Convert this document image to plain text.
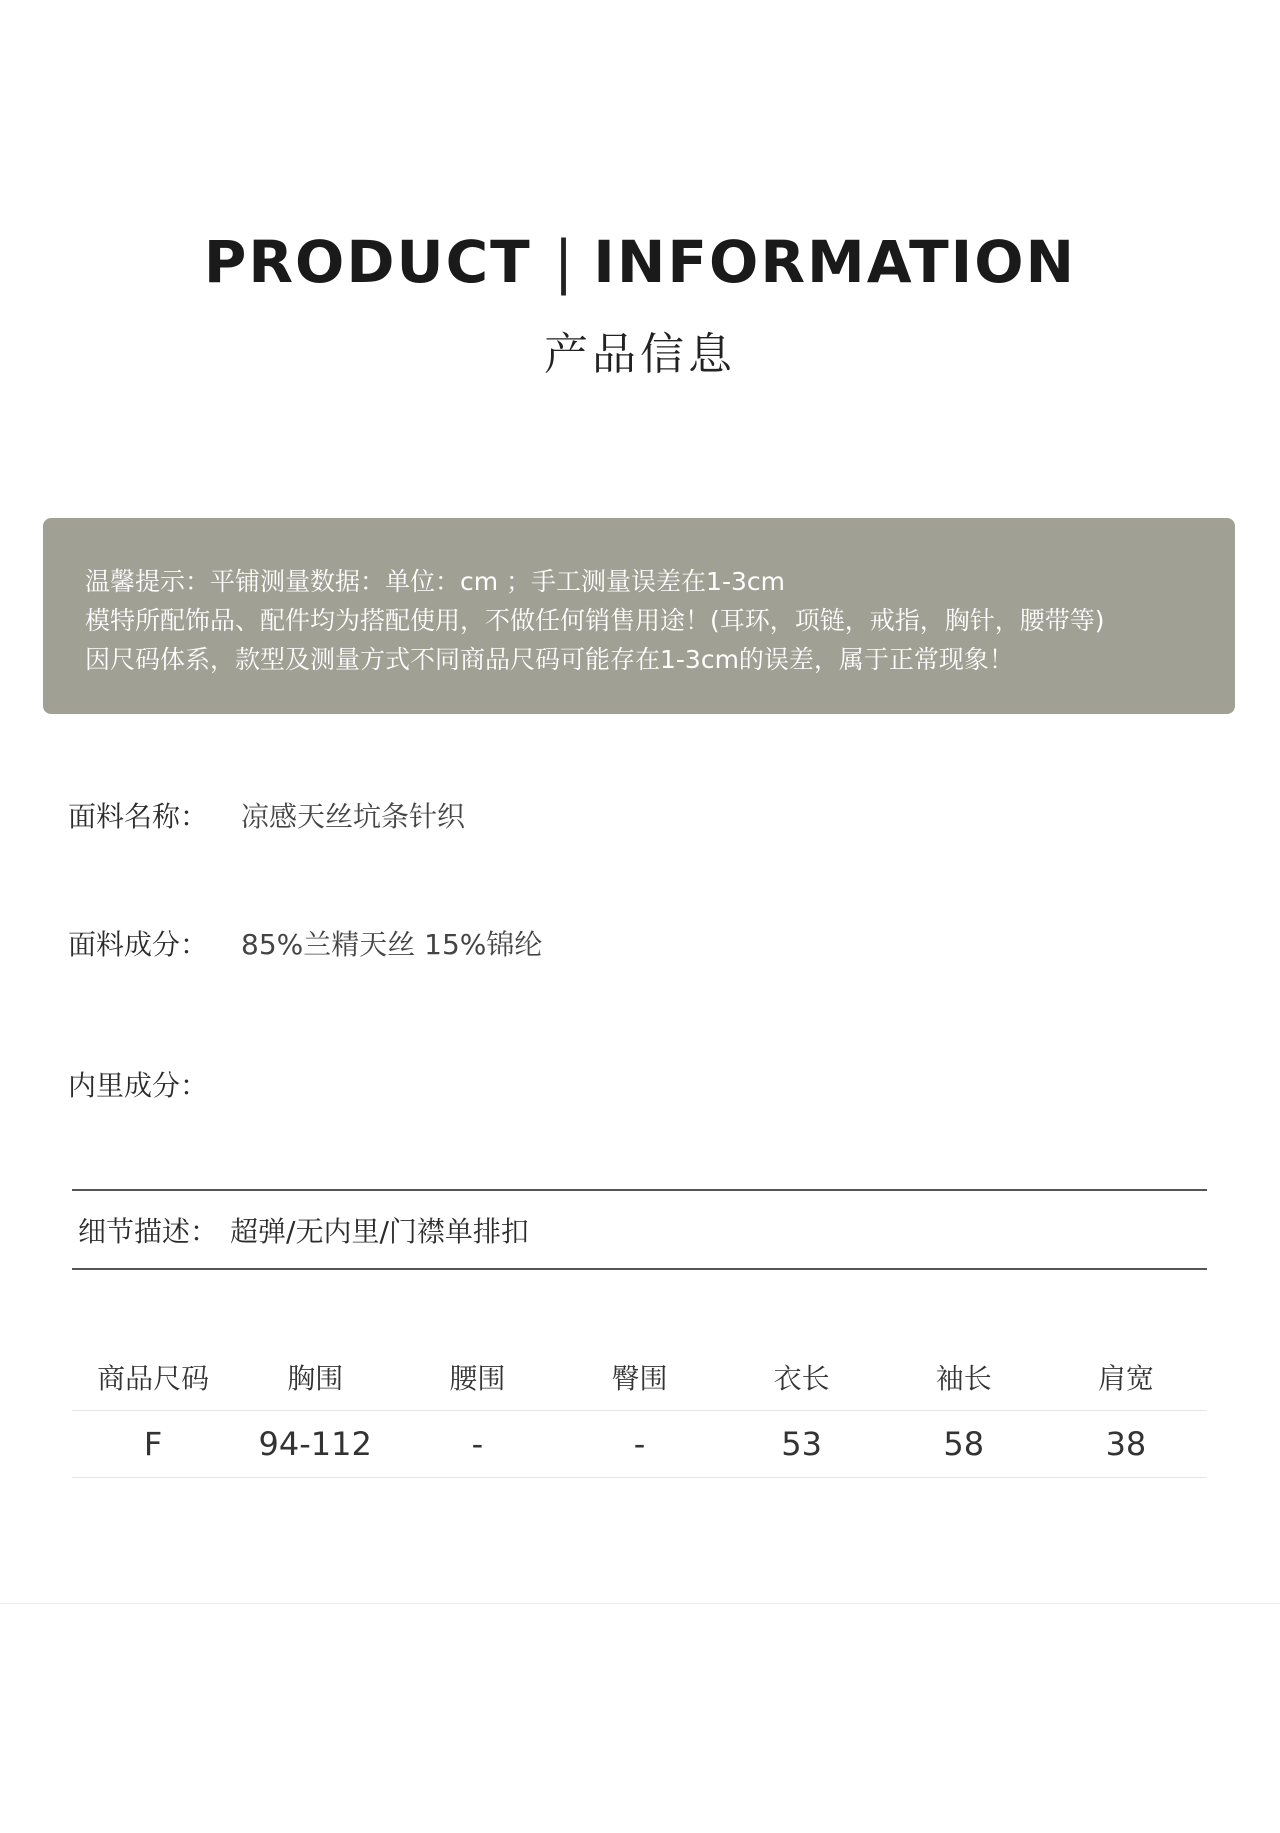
PRODUCT | INFORMATION
产品信息
温馨提示：平铺测量数据：单位：cm ；手工测量误差在1-3cm
模特所配饰品、配件均为搭配使用，不做任何销售用途！(耳环，项链，戒指，胸针，腰带等)
因尺码体系，款型及测量方式不同商品尺码可能存在1-3cm的误差，属于正常现象！
面料名称： 凉感天丝坑条针织
面料成分： 85%兰精天丝 15%锦纶
内里成分：
细节描述： 超弹/无内里/门襟单排扣
商品尺码	胸围	腰围	臀围	衣长	袖长	肩宽
F	94-112	-	-	53	58	38
